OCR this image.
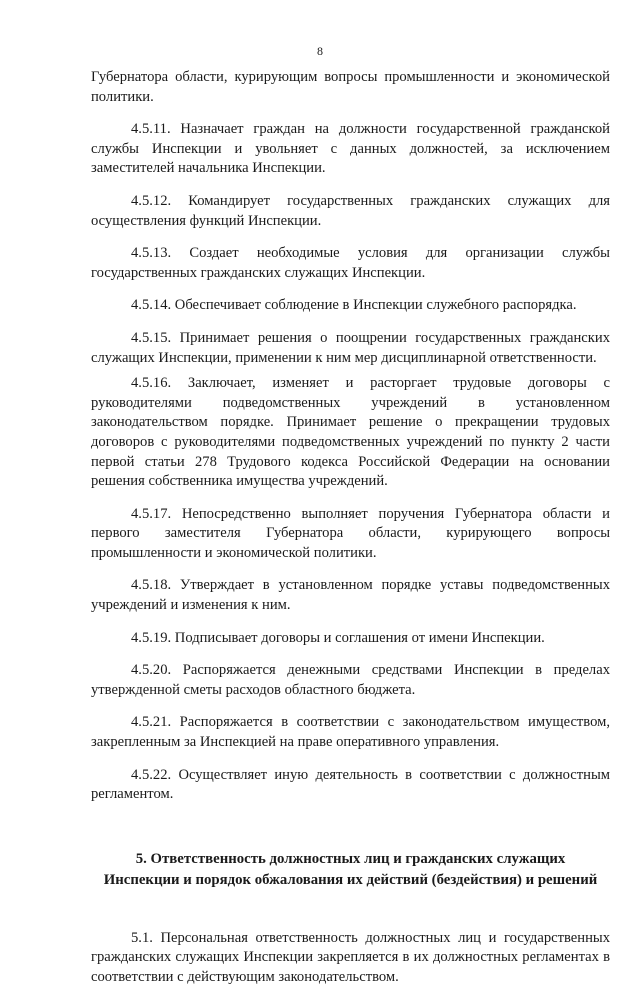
8

Губернатора области, курирующим вопросы промышленности и экономической политики.

4.5.11. Назначает граждан на должности государственной гражданской службы Инспекции и увольняет с данных должностей, за исключением заместителей начальника Инспекции.

4.5.12. Командирует государственных гражданских служащих для осуществления функций Инспекции.

4.5.13. Создает необходимые условия для организации службы государственных гражданских служащих Инспекции.

4.5.14. Обеспечивает соблюдение в Инспекции служебного распорядка.

4.5.15. Принимает решения о поощрении государственных гражданских служащих Инспекции, применении к ним мер дисциплинарной ответственности.

4.5.16. Заключает, изменяет и расторгает трудовые договоры с руководителями подведомственных учреждений в установленном законодательством порядке. Принимает решение о прекращении трудовых договоров с руководителями подведомственных учреждений по пункту 2 части первой статьи 278 Трудового кодекса Российской Федерации на основании решения собственника имущества учреждений.

4.5.17. Непосредственно выполняет поручения Губернатора области и первого заместителя Губернатора области, курирующего вопросы промышленности и экономической политики.

4.5.18. Утверждает в установленном порядке уставы подведомственных учреждений и изменения к ним.

4.5.19. Подписывает договоры и соглашения от имени Инспекции.

4.5.20. Распоряжается денежными средствами Инспекции в пределах утвержденной сметы расходов областного бюджета.

4.5.21. Распоряжается в соответствии с законодательством имуществом, закрепленным за Инспекцией на праве оперативного управления.

4.5.22. Осуществляет иную деятельность в соответствии с должностным регламентом.

5. Ответственность должностных лиц и гражданских служащих
Инспекции и порядок обжалования их действий (бездействия) и решений

5.1. Персональная ответственность должностных лиц и государственных гражданских служащих Инспекции закрепляется в их должностных регламентах в соответствии с действующим законодательством.
